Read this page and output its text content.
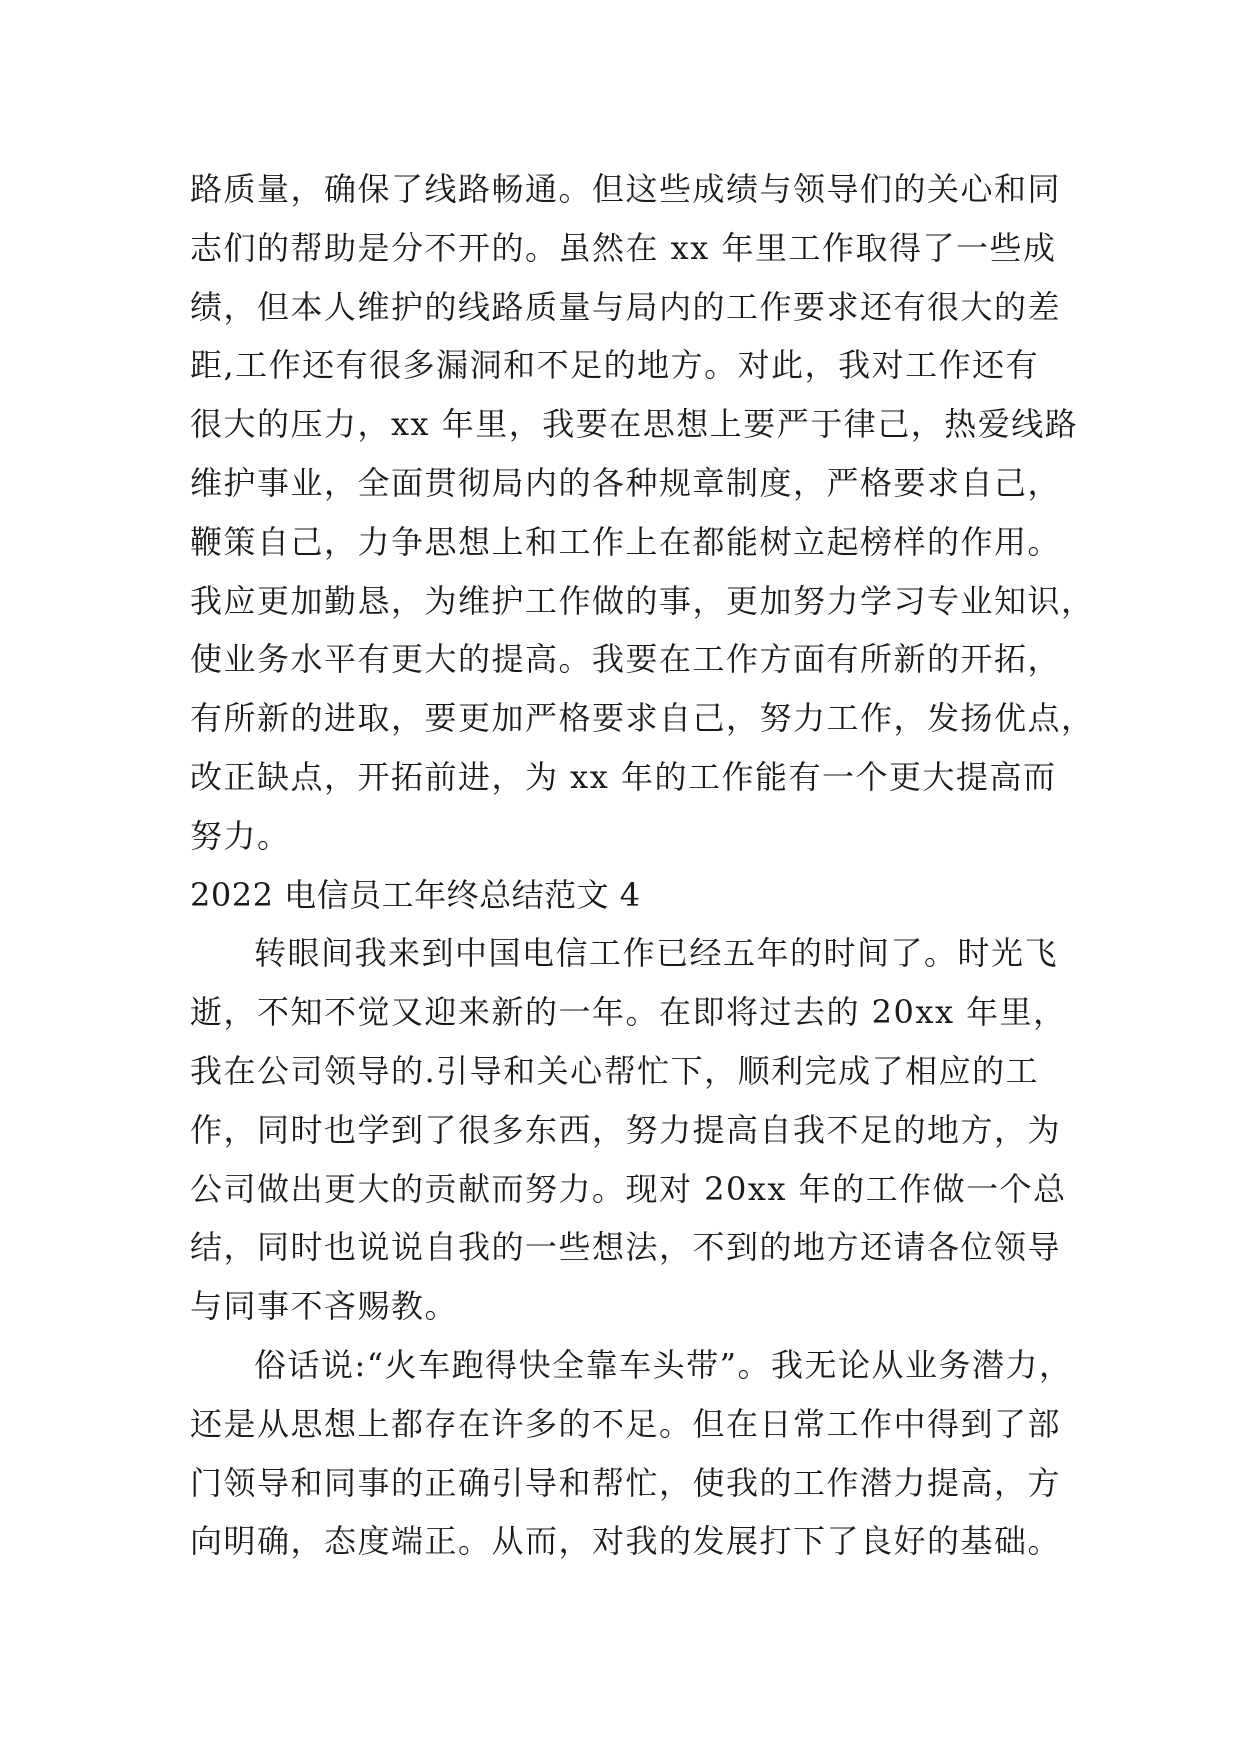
路质量，确保了线路畅通。但这些成绩与领导们的关心和同
志们的帮助是分不开的。虽然在 xx 年里工作取得了一些成
绩，但本人维护的线路质量与局内的工作要求还有很大的差
距,工作还有很多漏洞和不足的地方。对此，我对工作还有
很大的压力，xx 年里，我要在思想上要严于律己，热爱线路
维护事业，全面贯彻局内的各种规章制度，严格要求自己，
鞭策自己，力争思想上和工作上在都能树立起榜样的作用。
我应更加勤恳，为维护工作做的事，更加努力学习专业知识，
使业务水平有更大的提高。我要在工作方面有所新的开拓，
有所新的进取，要更加严格要求自己，努力工作，发扬优点，
改正缺点，开拓前进，为 xx 年的工作能有一个更大提高而
努力。
2022 电信员工年终总结范文 4
转眼间我来到中国电信工作已经五年的时间了。时光飞
逝，不知不觉又迎来新的一年。在即将过去的 20xx 年里，
我在公司领导的.引导和关心帮忙下，顺利完成了相应的工
作，同时也学到了很多东西，努力提高自我不足的地方，为
公司做出更大的贡献而努力。现对 20xx 年的工作做一个总
结，同时也说说自我的一些想法，不到的地方还请各位领导
与同事不吝赐教。
俗话说:“火车跑得快全靠车头带”。我无论从业务潜力，
还是从思想上都存在许多的不足。但在日常工作中得到了部
门领导和同事的正确引导和帮忙，使我的工作潜力提高，方
向明确，态度端正。从而，对我的发展打下了良好的基础。
